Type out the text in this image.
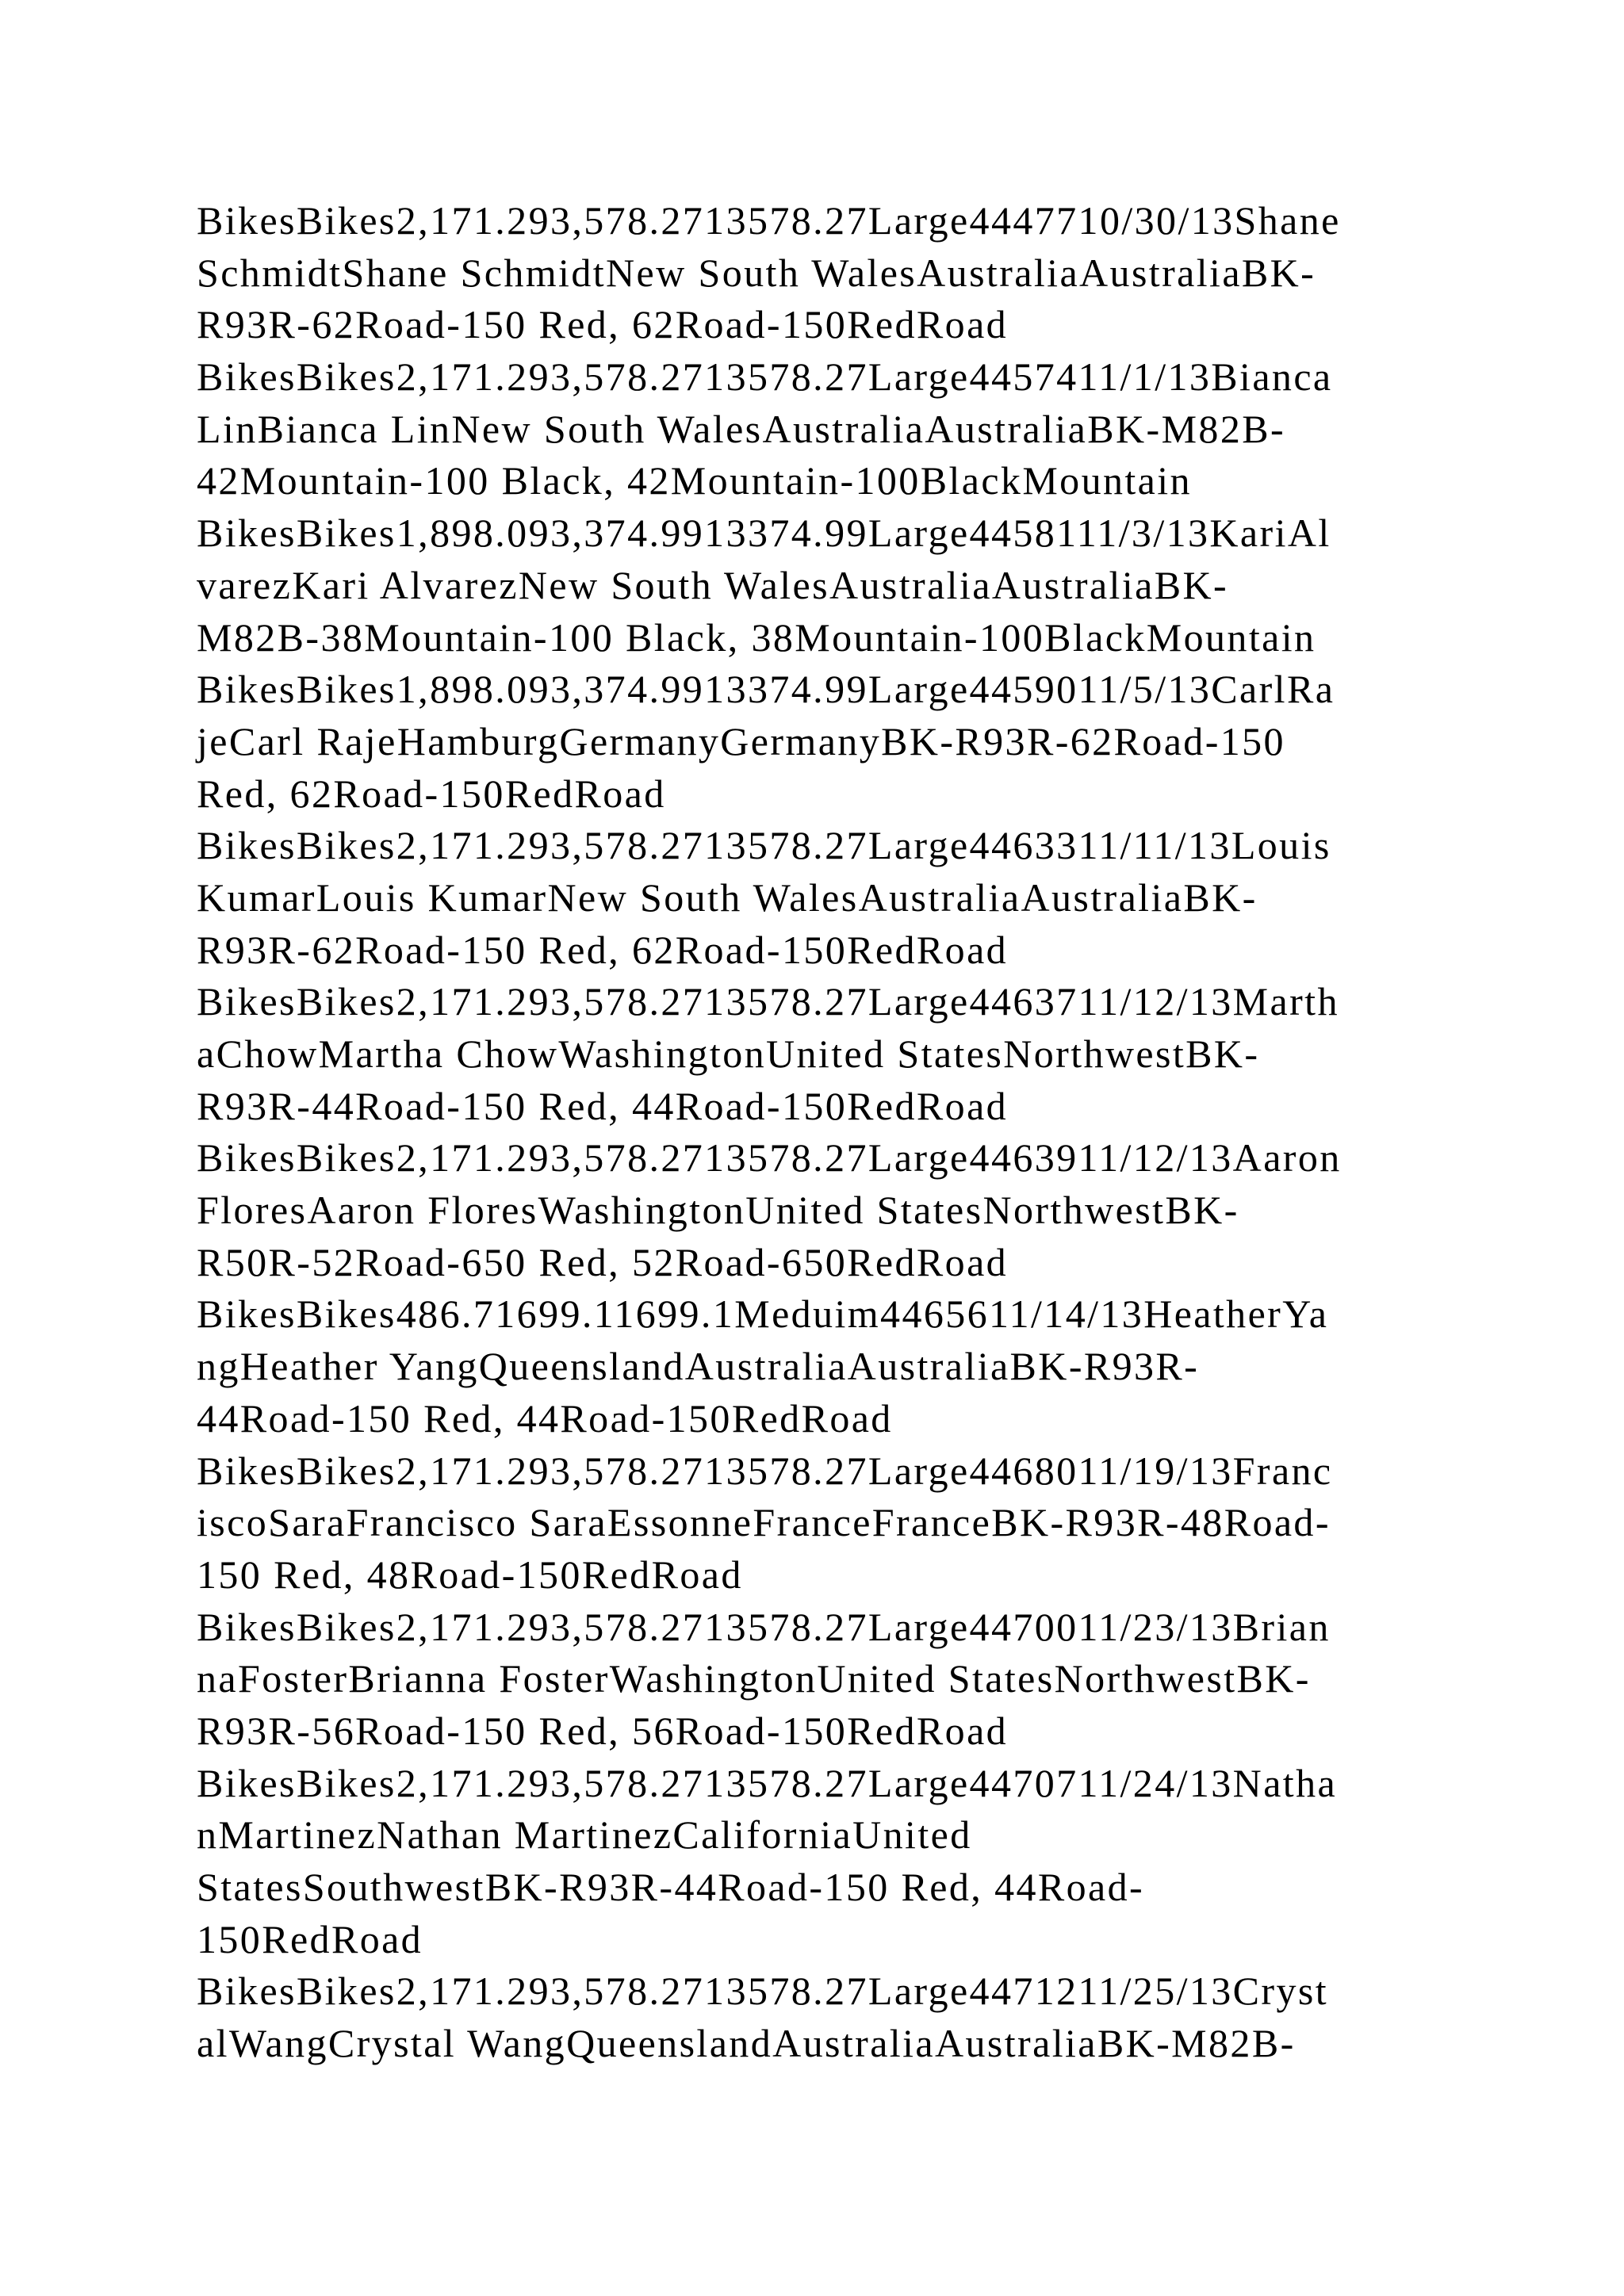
BikesBikes2,171.293,578.2713578.27Large4447710/30/13Shane
SchmidtShane SchmidtNew South WalesAustraliaAustraliaBK-
R93R-62Road-150 Red, 62Road-150RedRoad
BikesBikes2,171.293,578.2713578.27Large4457411/1/13Bianca
LinBianca LinNew South WalesAustraliaAustraliaBK-M82B-
42Mountain-100 Black, 42Mountain-100BlackMountain
BikesBikes1,898.093,374.9913374.99Large4458111/3/13KariAl
varezKari AlvarezNew South WalesAustraliaAustraliaBK-
M82B-38Mountain-100 Black, 38Mountain-100BlackMountain
BikesBikes1,898.093,374.9913374.99Large4459011/5/13CarlRa
jeCarl RajeHamburgGermanyGermanyBK-R93R-62Road-150
Red, 62Road-150RedRoad
BikesBikes2,171.293,578.2713578.27Large4463311/11/13Louis
KumarLouis KumarNew South WalesAustraliaAustraliaBK-
R93R-62Road-150 Red, 62Road-150RedRoad
BikesBikes2,171.293,578.2713578.27Large4463711/12/13Marth
aChowMartha ChowWashingtonUnited StatesNorthwestBK-
R93R-44Road-150 Red, 44Road-150RedRoad
BikesBikes2,171.293,578.2713578.27Large4463911/12/13Aaron
FloresAaron FloresWashingtonUnited StatesNorthwestBK-
R50R-52Road-650 Red, 52Road-650RedRoad
BikesBikes486.71699.11699.1Meduim4465611/14/13HeatherYa
ngHeather YangQueenslandAustraliaAustraliaBK-R93R-
44Road-150 Red, 44Road-150RedRoad
BikesBikes2,171.293,578.2713578.27Large4468011/19/13Franc
iscoSaraFrancisco SaraEssonneFranceFranceBK-R93R-48Road-
150 Red, 48Road-150RedRoad
BikesBikes2,171.293,578.2713578.27Large4470011/23/13Brian
naFosterBrianna FosterWashingtonUnited StatesNorthwestBK-
R93R-56Road-150 Red, 56Road-150RedRoad
BikesBikes2,171.293,578.2713578.27Large4470711/24/13Natha
nMartinezNathan MartinezCaliforniaUnited
StatesSouthwestBK-R93R-44Road-150 Red, 44Road-
150RedRoad
BikesBikes2,171.293,578.2713578.27Large4471211/25/13Cryst
alWangCrystal WangQueenslandAustraliaAustraliaBK-M82B-
